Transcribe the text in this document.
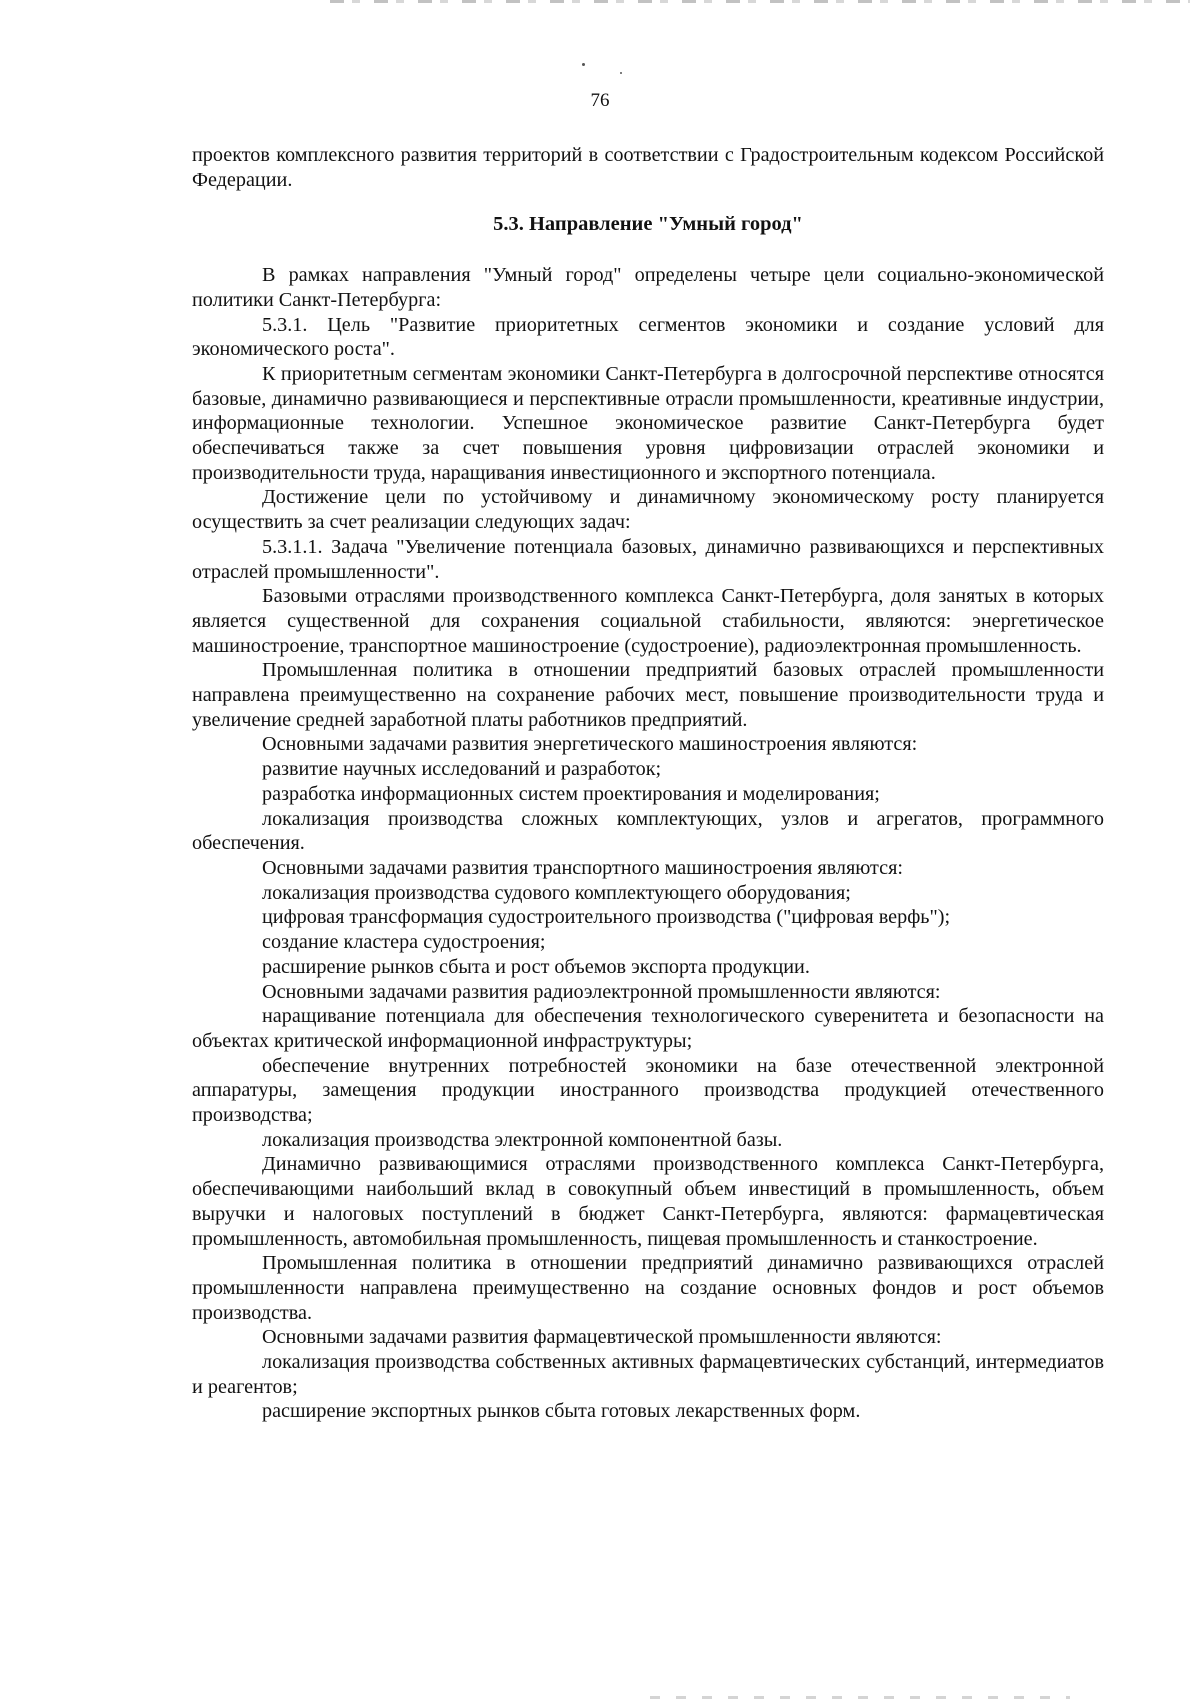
76

проектов комплексного развития территорий в соответствии с Градостроительным кодексом Российской Федерации.

5.3. Направление "Умный город"

В рамках направления "Умный город" определены четыре цели социально-экономической политики Санкт-Петербурга:

5.3.1. Цель "Развитие приоритетных сегментов экономики и создание условий для экономического роста".

К приоритетным сегментам экономики Санкт-Петербурга в долгосрочной перспективе относятся базовые, динамично развивающиеся и перспективные отрасли промышленности, креативные индустрии, информационные технологии. Успешное экономическое развитие Санкт-Петербурга будет обеспечиваться также за счет повышения уровня цифровизации отраслей экономики и производительности труда, наращивания инвестиционного и экспортного потенциала.

Достижение цели по устойчивому и динамичному экономическому росту планируется осуществить за счет реализации следующих задач:

5.3.1.1. Задача "Увеличение потенциала базовых, динамично развивающихся и перспективных отраслей промышленности".

Базовыми отраслями производственного комплекса Санкт-Петербурга, доля занятых в которых является существенной для сохранения социальной стабильности, являются: энергетическое машиностроение, транспортное машиностроение (судостроение), радиоэлектронная промышленность.

Промышленная политика в отношении предприятий базовых отраслей промышленности направлена преимущественно на сохранение рабочих мест, повышение производительности труда и увеличение средней заработной платы работников предприятий.

Основными задачами развития энергетического машиностроения являются:

развитие научных исследований и разработок;

разработка информационных систем проектирования и моделирования;

локализация производства сложных комплектующих, узлов и агрегатов, программного обеспечения.

Основными задачами развития транспортного машиностроения являются:

локализация производства судового комплектующего оборудования;

цифровая трансформация судостроительного производства ("цифровая верфь");

создание кластера судостроения;

расширение рынков сбыта и рост объемов экспорта продукции.

Основными задачами развития радиоэлектронной промышленности являются:

наращивание потенциала для обеспечения технологического суверенитета и безопасности на объектах критической информационной инфраструктуры;

обеспечение внутренних потребностей экономики на базе отечественной электронной аппаратуры, замещения продукции иностранного производства продукцией отечественного производства;

локализация производства электронной компонентной базы.

Динамично развивающимися отраслями производственного комплекса Санкт-Петербурга, обеспечивающими наибольший вклад в совокупный объем инвестиций в промышленность, объем выручки и налоговых поступлений в бюджет Санкт-Петербурга, являются: фармацевтическая промышленность, автомобильная промышленность, пищевая промышленность и станкостроение.

Промышленная политика в отношении предприятий динамично развивающихся отраслей промышленности направлена преимущественно на создание основных фондов и рост объемов производства.

Основными задачами развития фармацевтической промышленности являются:

локализация производства собственных активных фармацевтических субстанций, интермедиатов и реагентов;

расширение экспортных рынков сбыта готовых лекарственных форм.
